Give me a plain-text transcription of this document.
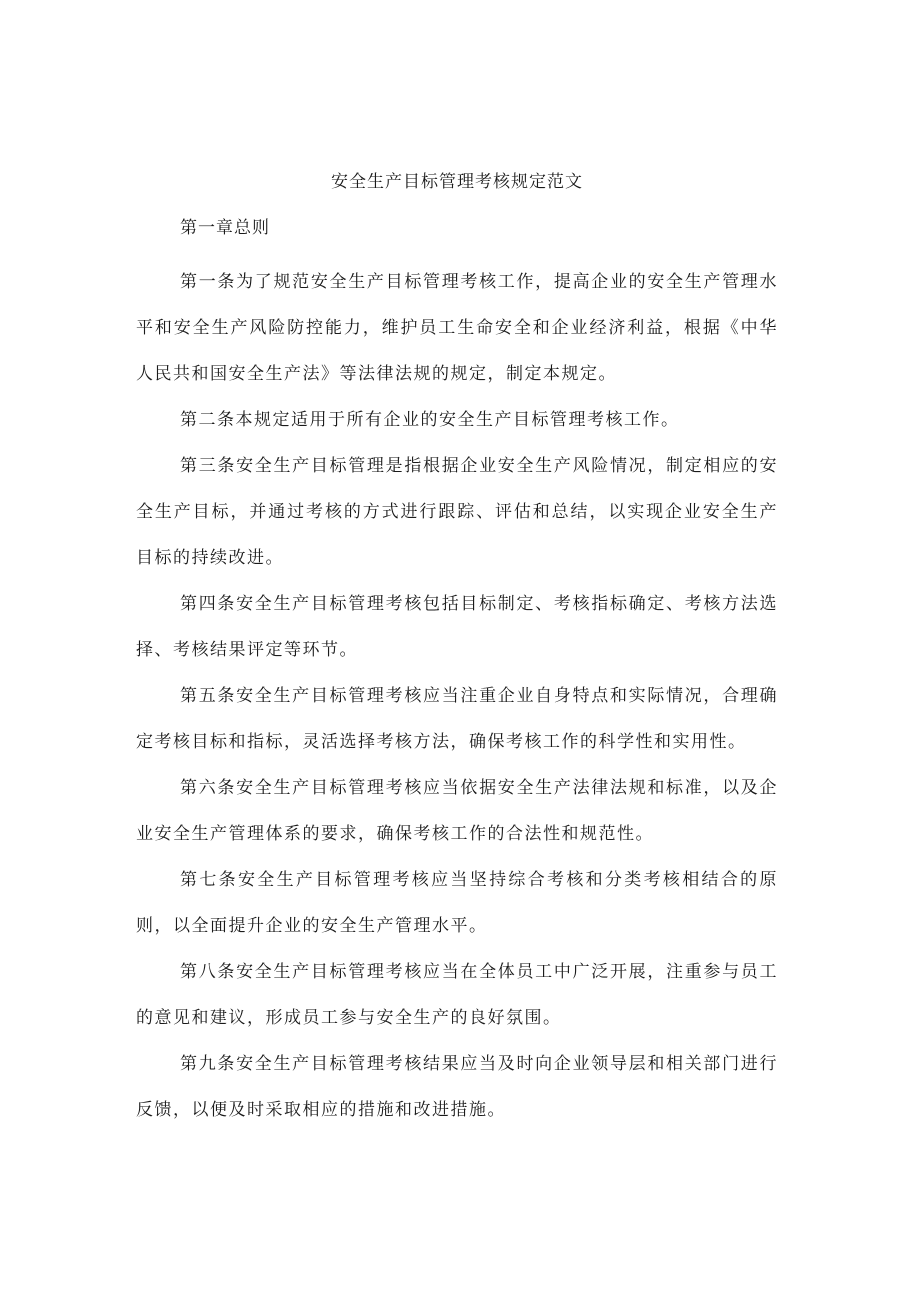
安全生产目标管理考核规定范文
第一章总则

第一条为了规范安全生产目标管理考核工作，提高企业的安全生产管理水平和安全生产风险防控能力，维护员工生命安全和企业经济利益，根据《中华人民共和国安全生产法》等法律法规的规定，制定本规定。

第二条本规定适用于所有企业的安全生产目标管理考核工作。

第三条安全生产目标管理是指根据企业安全生产风险情况，制定相应的安全生产目标，并通过考核的方式进行跟踪、评估和总结，以实现企业安全生产目标的持续改进。

第四条安全生产目标管理考核包括目标制定、考核指标确定、考核方法选择、考核结果评定等环节。

第五条安全生产目标管理考核应当注重企业自身特点和实际情况，合理确定考核目标和指标，灵活选择考核方法，确保考核工作的科学性和实用性。

第六条安全生产目标管理考核应当依据安全生产法律法规和标准，以及企业安全生产管理体系的要求，确保考核工作的合法性和规范性。

第七条安全生产目标管理考核应当坚持综合考核和分类考核相结合的原则，以全面提升企业的安全生产管理水平。

第八条安全生产目标管理考核应当在全体员工中广泛开展，注重参与员工的意见和建议，形成员工参与安全生产的良好氛围。

第九条安全生产目标管理考核结果应当及时向企业领导层和相关部门进行反馈，以便及时采取相应的措施和改进措施。
